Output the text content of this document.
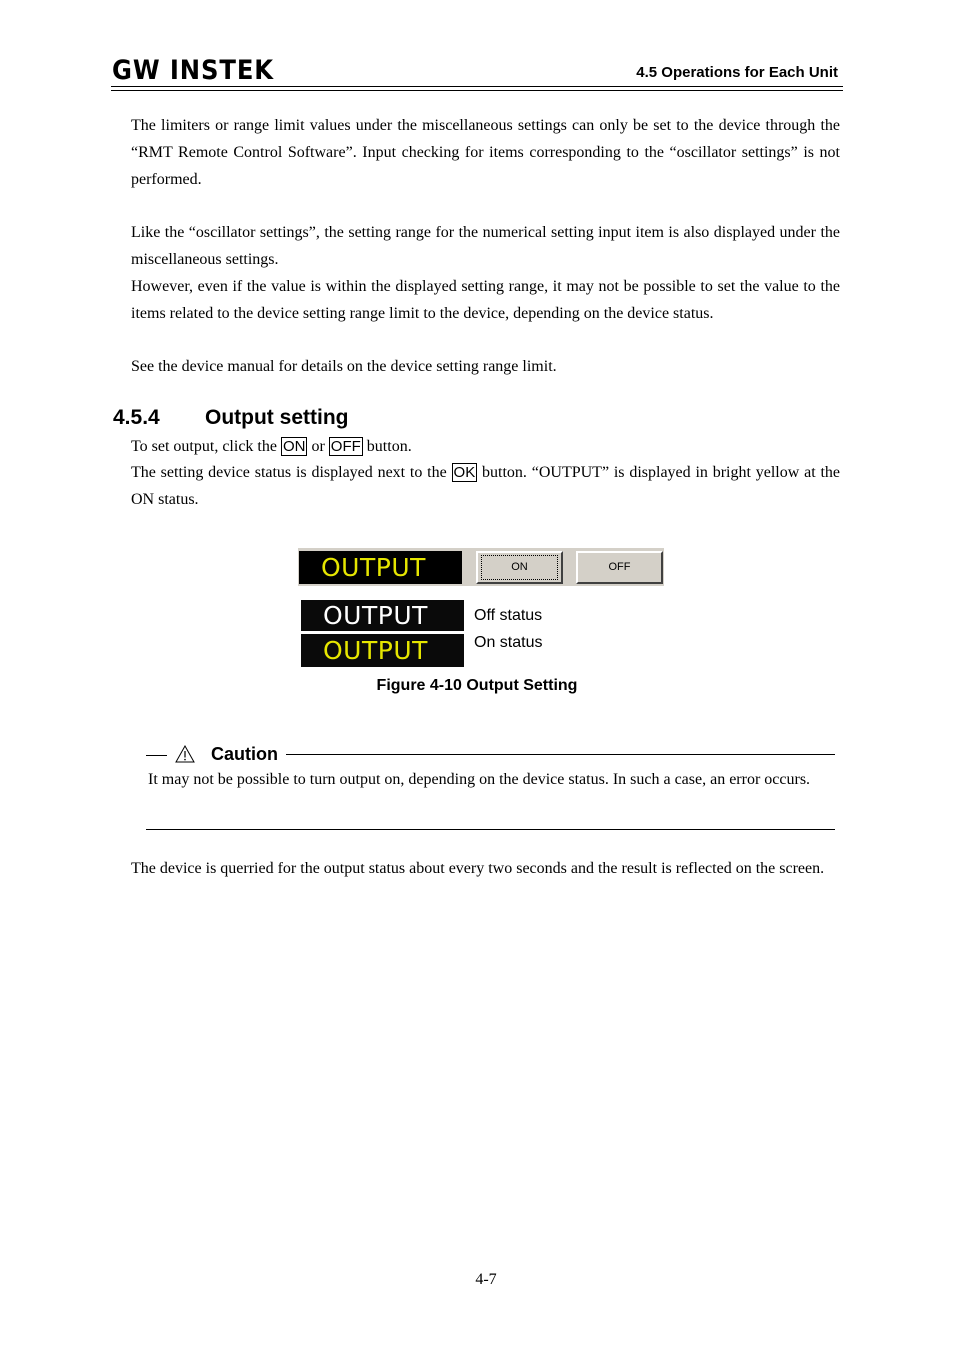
GW INSTEK	4.5 Operations for Each Unit

The limiters or range limit values under the miscellaneous settings can only be set to the device through the “RMT Remote Control Software”. Input checking for items corresponding to the “oscillator settings” is not performed.

Like the “oscillator settings”, the setting range for the numerical setting input item is also displayed under the miscellaneous settings.

However, even if the value is within the displayed setting range, it may not be possible to set the value to the items related to the device setting range limit to the device, depending on the device status.

See the device manual for details on the device setting range limit.

4.5.4 Output setting

To set output, click the ON or OFF button.

The setting device status is displayed next to the OK button. “OUTPUT” is displayed in bright yellow at the ON status.

OUTPUT	ON	OFF
OUTPUT
OUTPUT
Off status
On status
Figure 4-10 Output Setting
Caution

It may not be possible to turn output on, depending on the device status. In such a case, an error occurs.

The device is querried for the output status about every two seconds and the result is reflected on the screen.

4-7
